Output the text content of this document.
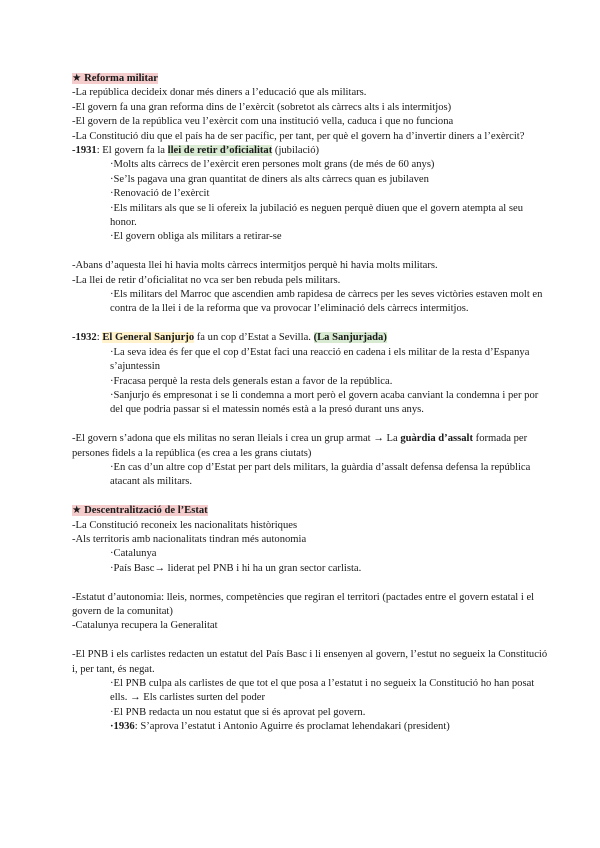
★ Reforma militar
-La república decideix donar més diners a l’educació que als militars.
-El govern fa una gran reforma dins de l’exèrcit (sobretot als càrrecs alts i als intermitjos)
-El govern de la república veu l’exèrcit com una institució vella, caduca i que no funciona
-La Constitució diu que el país ha de ser pacífic, per tant, per què el govern ha d’invertir diners a l’exèrcit?
-1931: El govern fa la llei de retir d’oficialitat (jubilació)
·Molts alts càrrecs de l’exèrcit eren persones molt grans (de més de 60 anys)
·Se’ls pagava una gran quantitat de diners als alts càrrecs quan es jubilaven
·Renovació de l’exèrcit
·Els militars als que se li ofereix la jubilació es neguen perquè diuen que el govern atempta al seu honor.
·El govern obliga als militars a retirar-se
-Abans d’aquesta llei hi havia molts càrrecs intermitjos perquè hi havia molts militars.
-La llei de retir d’oficialitat no vca ser ben rebuda pels militars.
·Els militars del Marroc que ascendien amb rapidesa de càrrecs per les seves victòries estaven molt en contra de la llei i de la reforma que va provocar l’eliminació dels càrrecs intermitjos.
-1932: El General Sanjurjo fa un cop d’Estat a Sevilla. (La Sanjurjada)
·La seva idea és fer que el cop d’Estat faci una reacció en cadena i els militar de la resta d’Espanya s’ajuntessin
·Fracasa perquè la resta dels generals estan a favor de la república.
·Sanjurjo és empresonat i se li condemna a mort però el govern acaba canviant la condemna i per por del que podria passar si el matessin només està a la presó durant uns anys.
-El govern s’adona que els militas no seran lleials i crea un grup armat → La guàrdia d’assalt formada per persones fidels a la república (es crea a les grans ciutats)
·En cas d’un altre cop d’Estat per part dels militars, la guàrdia d’assalt defensa defensa la república atacant als militars.
★ Descentralització de l’Estat
-La Constitució reconeix les nacionalitats històriques
-Als territoris amb nacionalitats tindran més autonomia
·Catalunya
·País Basc→ liderat pel PNB i hi ha un gran sector carlista.
-Estatut d’autonomia: lleis, normes, competències que regiran el territori (pactades entre el govern estatal i el govern de la comunitat)
-Catalunya recupera la Generalitat
-El PNB i els carlistes redacten un estatut del País Basc i li ensenyen al govern, l’estut no segueix la Constitució i, per tant, és negat.
·El PNB culpa als carlistes de que tot el que posa a l’estatut i no segueix la Constitució ho han posat ells. → Els carlistes surten del poder
·El PNB redacta un nou estatut que si és aprovat pel govern.
·1936: S’aprova l’estatut i Antonio Aguirre és proclamat lehendakari (president)
